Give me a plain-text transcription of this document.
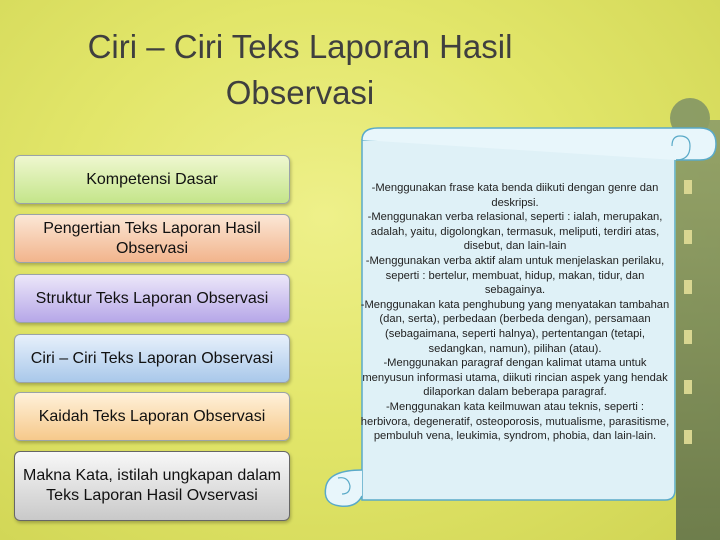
Ciri – Ciri Teks Laporan Hasil
Observasi
Kompetensi Dasar
Pengertian Teks Laporan Hasil Observasi
Struktur Teks Laporan Observasi
Ciri – Ciri Teks Laporan Observasi
Kaidah Teks Laporan Observasi
Makna Kata, istilah ungkapan dalam Teks Laporan Hasil Ovservasi

-Menggunakan frase kata benda diikuti dengan genre dan deskripsi.

-Menggunakan verba relasional, seperti : ialah, merupakan, adalah, yaitu, digolongkan, termasuk, meliputi, terdiri atas, disebut, dan lain-lain

-Menggunakan verba aktif alam untuk menjelaskan perilaku, seperti : bertelur, membuat, hidup, makan, tidur, dan sebagainya.

-Menggunakan kata penghubung yang menyatakan tambahan (dan, serta), perbedaan (berbeda dengan), persamaan (sebagaimana, seperti halnya), pertentangan (tetapi, sedangkan, namun), pilihan (atau).

-Menggunakan paragraf dengan kalimat utama untuk menyusun informasi utama, diikuti rincian aspek yang hendak dilaporkan dalam beberapa paragraf.

-Menggunakan kata keilmuwan atau teknis, seperti : herbivora, degeneratif, osteoporosis, mutualisme, parasitisme, pembuluh vena, leukimia, syndrom, phobia, dan lain-lain.
